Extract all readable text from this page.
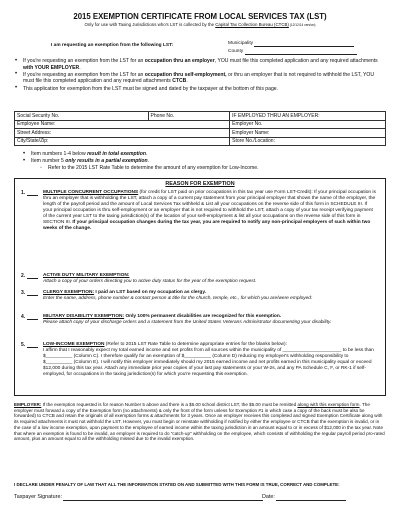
2015 EXEMPTION CERTIFICATE FROM LOCAL SERVICES TAX (LST)
Only for use with Taxing Jurisdictions who's LST is collected by the Capital Tax Collection Bureau (CTCB) (12/12/14 version)
I am requesting an exemption from the following LST:	Municipality
County
• If you're requesting an exemption from the LST for an occupation thru an employer, YOU must file this completed application and any required attachments with YOUR EMPLOYER.
• If you're requesting an exemption from the LST for an occupation thru self-employment, or thru an employer that is not required to withhold the LST, YOU must file this completed application and any required attachments CTCB.
• This application for exemption from the LST must be signed and dated by the taxpayer at the bottom of this page.
Social Security No.	Phone No.	IF EMPLOYED THRU AN EMPLOYER:
Employee Name:		Employer No.
Street Address:		Employer Name:
City/State/Zip:		Store No./Location:
• Item numbers 1-4 below result in total exemption.
• Item number 5 only results in a partial exemption.
◦ Refer to the 2015 LST Rate Table to determine the amount of any exemption for Low-Income.
REASON FOR EXEMPTION
1.	MULTIPLE CONCURRENT OCCUPATIONS (for credit for LST paid on prior occupations in this tax year use Form LST-Credit): If your principal occupation is thru an employer that is withholding the LST, attach a copy of a current pay statement from your principal employer that shows the name of the employer, the length of the payroll period and the amount of Local Services Tax withheld & List all your occupations on the reverse side of this form in SCHEDULE III. If your principal occupation is thru self-employment or an employer that is not required to withhold the LST, attach a copy of your tax receipt verifying payment of the current year LST to the taxing jurisdiction(s) of the location of your self-employment & list all your occupations on the reverse side of this form in SECTION III. If your principal occupation changes during the tax year, you are required to notify any non-principal employers of such within two weeks of the change.
2.	ACTIVE DUTY MILITARY EXEMPTION:
Attach a copy of your orders directing you to active duty status for the year of the exemption request.
3.	CLERGY EXEMPTION: I paid an LST based on my occupation as clergy.
Enter the name, address, phone number & contact person & title for the church, temple, etc., for which you are/were employed:
4.	MILITARY DISABILITY EXEMPTION: Only 100% permanent disabilities are recognized for this exemption.
Please attach copy of your discharge orders and a statement from the United States Veterans Administrator documenting your disability.
5.	LOW-INCOME EXEMPTION (Refer to 2015 LST Rate Table to determine appropriate entries for the blanks below):
I affirm that I reasonably expect my total earned income and net profits from all sources within the municipality of ______________________ to be less than $__________ (Column C). I therefore qualify for an exemption of $__________ (Column D) reducing my employer's withholding responsibility to $__________ (Column E). I will notify this employer immediately should my 2015 earned income and net profits earned in this municipality equal or exceed $12,000 during this tax year. Attach any immediate prior year copies of your last pay statements or your W-2s, and any PA Schedule C, F, or RK-1 if self-employed, for occupations in the taxing jurisdiction(s) for which you're requesting this exemption.
EMPLOYER: If the exemption requested is for reason Number 5 above and there is a $5.00 school district LST, the $5.00 must be remitted along with this exemption form. The employer must forward a copy of the Exemption form (no attachments) & only the front of the form unless for Exemption #1 in which case a copy of the back must be also be forwarded) to CTCB and retain the originals of all exemption forms & attachments for 3 years. Once an employer receives this completed and signed Exemption Certificate along with its required attachments it must not withhold the LST. However, you must begin or reinstate withholding if notified by either the employee or CTCB that the exemption is invalid, or in the case of a low income exemption, upon payment to the employee of earned income within the taxing jurisdiction in an amount equal to or in excess of $12,000 in the tax year. Note that where an exemption is found to be invalid, an employer is required to do "catch-up" withholding on the employee, which consists of withholding the regular payroll period pro-rated amount, plus an amount equal to all the withholding missed due to the invalid exemption.
I DECLARE UNDER PENALTY OF LAW THAT ALL THE INFORMATION STATED ON AND SUBMITTED WITH THIS FORM IS TRUE, CORRECT AND COMPLETE:
Taxpayer Signature:	Date:
